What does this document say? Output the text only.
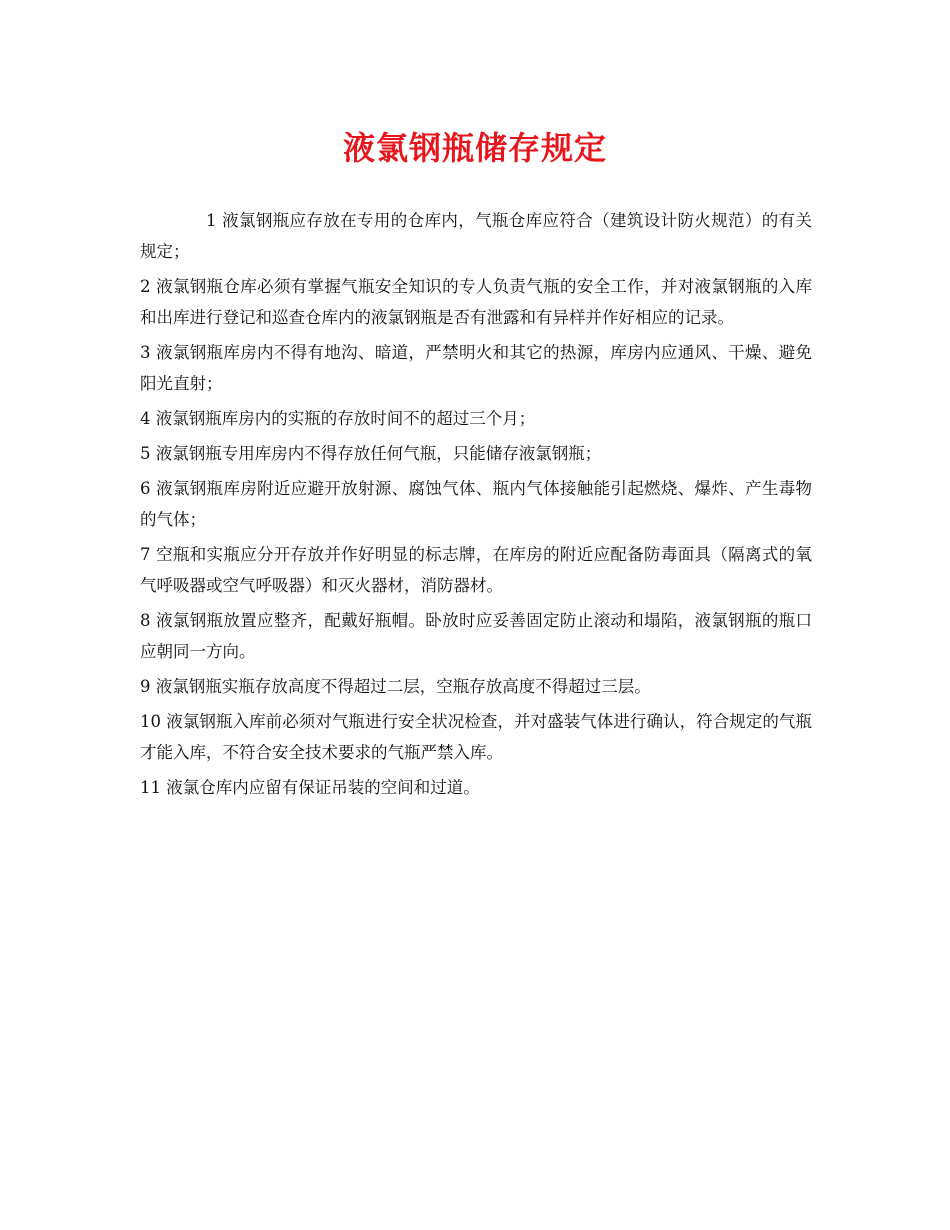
液氯钢瓶储存规定

1 液氯钢瓶应存放在专用的仓库内，气瓶仓库应符合（建筑设计防火规范）的有关规定；

2 液氯钢瓶仓库必须有掌握气瓶安全知识的专人负责气瓶的安全工作，并对液氯钢瓶的入库和出库进行登记和巡查仓库内的液氯钢瓶是否有泄露和有异样并作好相应的记录。

3 液氯钢瓶库房内不得有地沟、暗道，严禁明火和其它的热源，库房内应通风、干燥、避免阳光直射；

4 液氯钢瓶库房内的实瓶的存放时间不的超过三个月；

5 液氯钢瓶专用库房内不得存放任何气瓶，只能储存液氯钢瓶；

6 液氯钢瓶库房附近应避开放射源、腐蚀气体、瓶内气体接触能引起燃烧、爆炸、产生毒物的气体；

7 空瓶和实瓶应分开存放并作好明显的标志牌，在库房的附近应配备防毒面具（隔离式的氧气呼吸器或空气呼吸器）和灭火器材，消防器材。

8 液氯钢瓶放置应整齐，配戴好瓶帽。卧放时应妥善固定防止滚动和塌陷，液氯钢瓶的瓶口应朝同一方向。

9 液氯钢瓶实瓶存放高度不得超过二层，空瓶存放高度不得超过三层。

10 液氯钢瓶入库前必须对气瓶进行安全状况检查，并对盛装气体进行确认，符合规定的气瓶才能入库，不符合安全技术要求的气瓶严禁入库。

11 液氯仓库内应留有保证吊装的空间和过道。
